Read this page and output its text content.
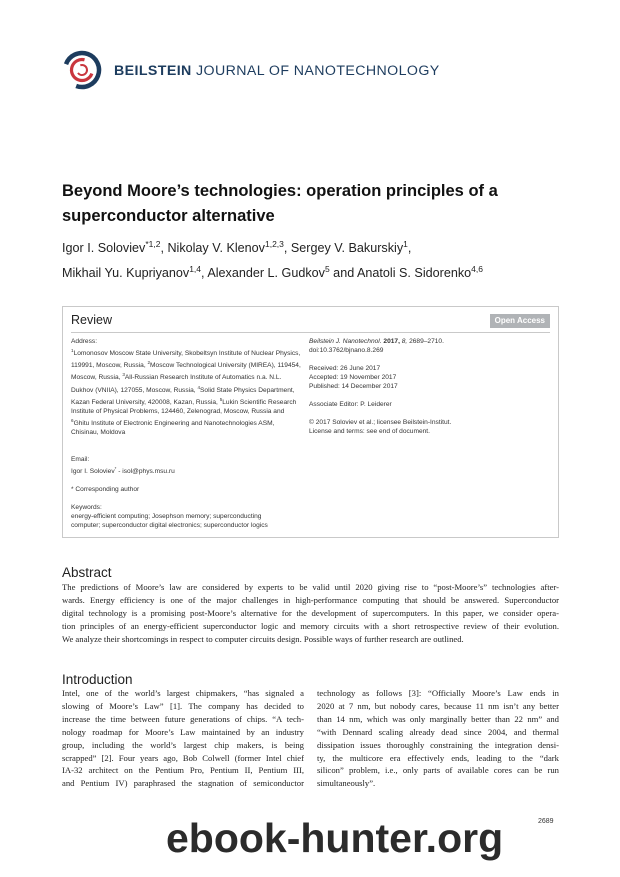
BEILSTEIN JOURNAL OF NANOTECHNOLOGY
Beyond Moore’s technologies: operation principles of a
superconductor alternative
Igor I. Soloviev$^{*1,2}$, Nikolay V. Klenov$^{1,2,3}$, Sergey V. Bakurskiy$^1$,
Mikhail Yu. Kupriyanov$^{1,4}$, Alexander L. Gudkov$^5$ and Anatoli S. Sidorenko$^{4,6}$
Review	Open Access
Address:
$^1$Lomonosov Moscow State University, Skobeltsyn Institute of Nuclear Physics, 119991, Moscow, Russia, $^2$Moscow Technological University (MIREA), 119454, Moscow, Russia, $^3$All-Russian Research Institute of Automatics n.a. N.L. Dukhov (VNIIA), 127055, Moscow, Russia, $^4$Solid State Physics Department, Kazan Federal University, 420008, Kazan, Russia, $^5$Lukin Scientific Research Institute of Physical Problems, 124460, Zelenograd, Moscow, Russia and $^6$Ghitu Institute of Electronic Engineering and Nanotechnologies ASM, Chisinau, Moldova
Email:
Igor I. Soloviev* - isol@phys.msu.ru
* Corresponding author
Keywords:
energy-efficient computing; Josephson memory; superconducting
computer; superconductor digital electronics; superconductor logics
Beilstein J. Nanotechnol. 2017, 8, 2689–2710.
doi:10.3762/bjnano.8.269
Received: 26 June 2017
Accepted: 19 November 2017
Published: 14 December 2017
Associate Editor: P. Leiderer
© 2017 Soloviev et al.; licensee Beilstein-Institut.
License and terms: see end of document.
Abstract
The predictions of Moore’s law are considered by experts to be valid until 2020 giving rise to “post-Moore’s” technologies after-
wards. Energy efficiency is one of the major challenges in high-performance computing that should be answered. Superconductor
digital technology is a promising post-Moore’s alternative for the development of supercomputers. In this paper, we consider opera-
tion principles of an energy-efficient superconductor logic and memory circuits with a short retrospective review of their evolution.
We analyze their shortcomings in respect to computer circuits design. Possible ways of further research are outlined.
Introduction
Intel, one of the world’s largest chipmakers, “has signaled a
slowing of Moore’s Law” [1]. The company has decided to
increase the time between future generations of chips. “A tech-
nology roadmap for Moore’s Law maintained by an industry
group, including the world’s largest chip makers, is being
scrapped” [2]. Four years ago, Bob Colwell (former Intel chief
IA-32 architect on the Pentium Pro, Pentium II, Pentium III,
and Pentium IV) paraphrased the stagnation of semiconductor
technology as follows [3]: “Officially Moore’s Law ends in
2020 at 7 nm, but nobody cares, because 11 nm isn’t any better
than 14 nm, which was only marginally better than 22 nm” and
“with Dennard scaling already dead since 2004, and thermal
dissipation issues thoroughly constraining the integration densi-
ty, the multicore era effectively ends, leading to the “dark
silicon” problem, i.e., only parts of available cores can be run
simultaneously”.
2689
ebook-hunter.org
